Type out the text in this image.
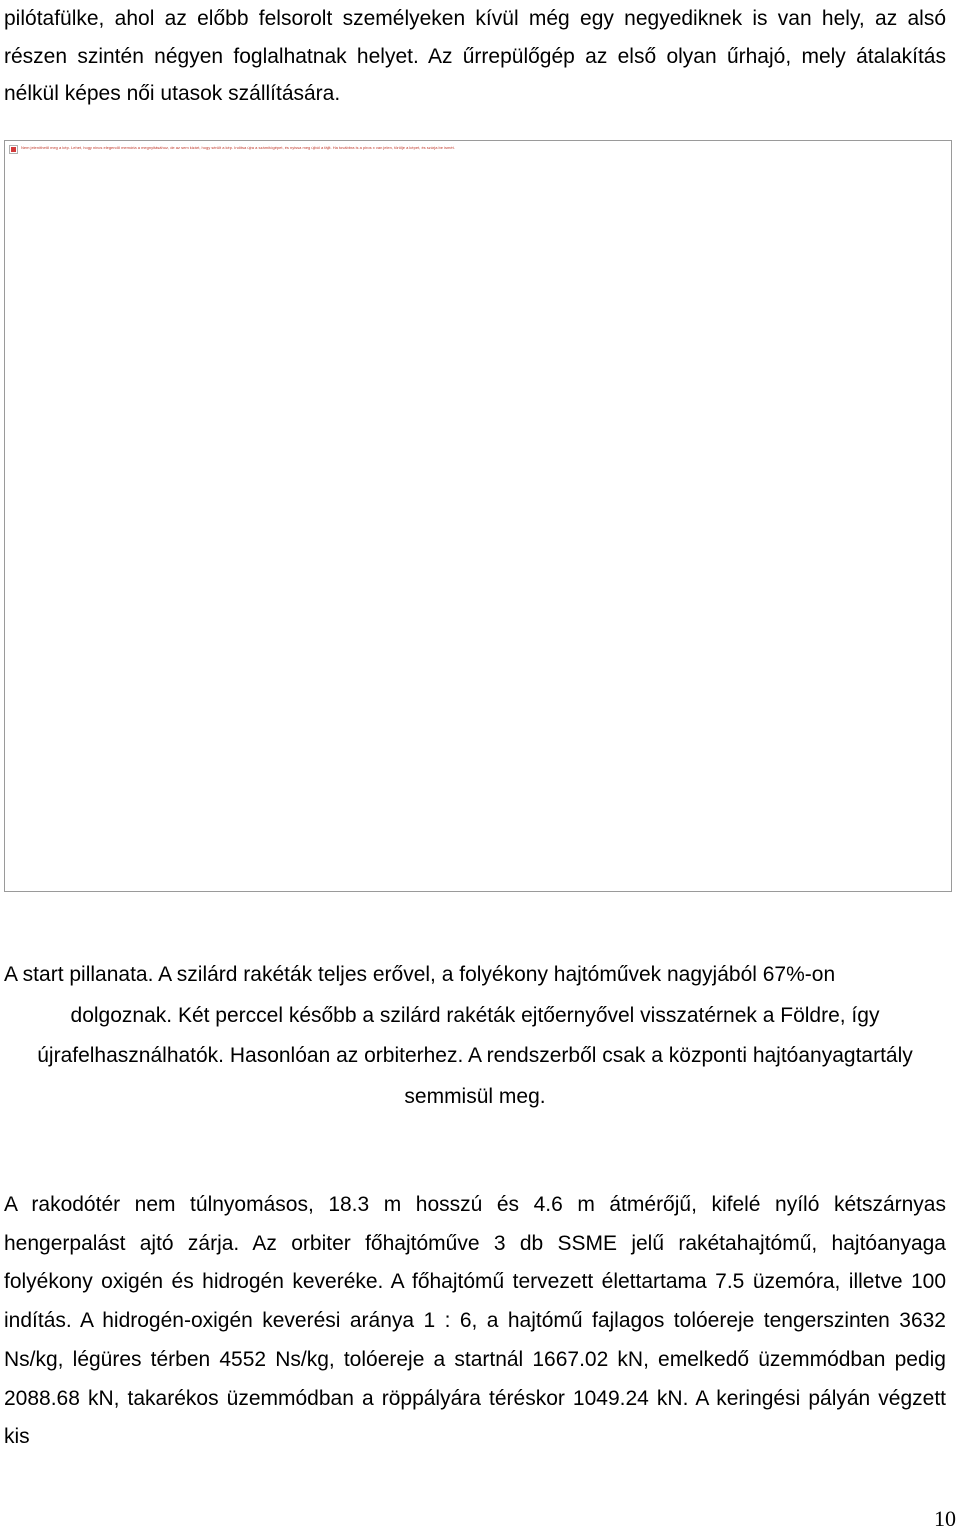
pilótafülke, ahol az előbb felsorolt személyeken kívül még egy negyediknek is van hely, az alsó részen szintén négyen foglalhatnak helyet. Az űrrepülőgép az első olyan űrhajó, mely átalakítás nélkül képes női utasok szállítására.

Nem jeleníthető meg a kép. Lehet, hogy nincs elegendő memória a megnyitásához, de az sem kizárt, hogy sérült a kép. Indítsa újra a számítógépet, és nyissa meg újból a fájlt. Ha továbbra is a piros x van jelen, törölje a képet, és szúrja be ismét.

A start pillanata. A szilárd rakéták teljes erővel, a folyékony hajtóművek nagyjából 67%-on
dolgoznak. Két perccel később a szilárd rakéták ejtőernyővel visszatérnek a Földre, így újrafelhasználhatók. Hasonlóan az orbiterhez. A rendszerből csak a központi hajtóanyagtartály semmisül meg.

A rakodótér nem túlnyomásos, 18.3 m hosszú és 4.6 m átmérőjű, kifelé nyíló kétszárnyas hengerpalást ajtó zárja. Az orbiter főhajtóműve 3 db SSME jelű rakétahajtómű, hajtóanyaga folyékony oxigén és hidrogén keveréke. A főhajtómű tervezett élettartama 7.5 üzemóra, illetve 100 indítás. A hidrogén-oxigén keverési aránya 1 : 6, a hajtómű fajlagos tolóereje tengerszinten 3632 Ns/kg, légüres térben 4552 Ns/kg, tolóereje a startnál 1667.02 kN, emelkedő üzemmódban pedig 2088.68 kN, takarékos üzemmódban a röppályára téréskor 1049.24 kN. A keringési pályán végzett kis

10
